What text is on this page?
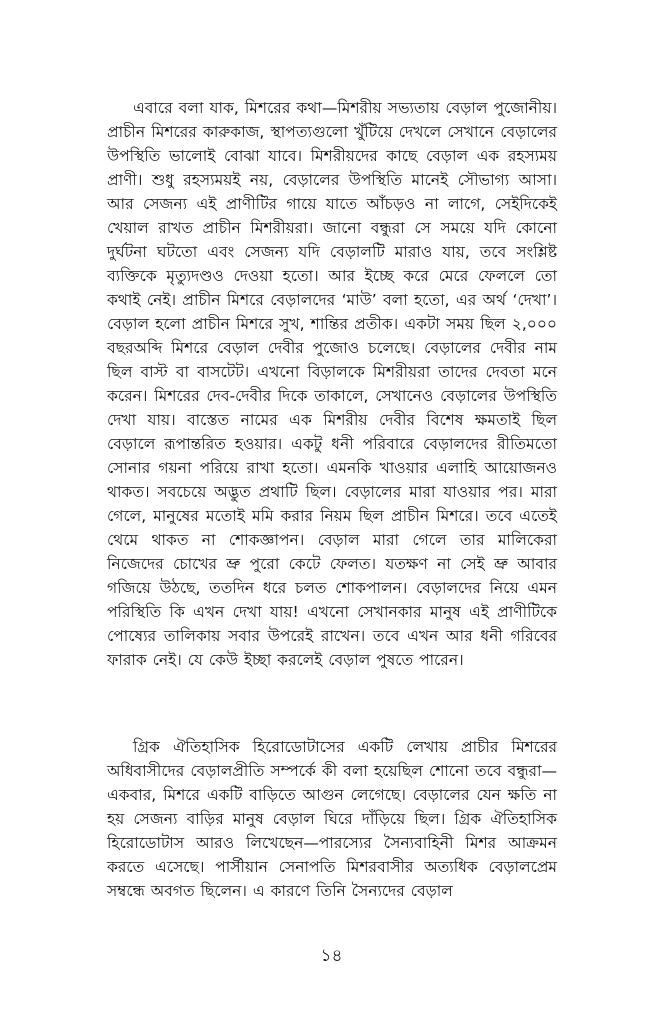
এবারে বলা যাক, মিশরের কথা—মিশরীয় সভ্যতায় বেড়াল পুজোনীয়। প্রাচীন মিশরের কারুকাজ, স্থাপত্যগুলো খুঁটিয়ে দেখলে সেখানে বেড়ালের উপস্থিতি ভালোই বোঝা যাবে। মিশরীয়দের কাছে বেড়াল এক রহস্যময় প্রাণী। শুধু রহস্যময়ই নয়, বেড়ালের উপস্থিতি মানেই সৌভাগ্য আসা। আর সেজন্য এই প্রাণীটির গায়ে যাতে আঁচড়ও না লাগে, সেইদিকেই খেয়াল রাখত প্রাচীন মিশরীয়রা। জানো বন্ধুরা সে সময়ে যদি কোনো দুর্ঘটনা ঘটতো এবং সেজন্য যদি বেড়ালটি মারাও যায়, তবে সংশ্লিষ্ট ব্যক্তিকে মৃত্যুদণ্ডও দেওয়া হতো। আর ইচ্ছে করে মেরে ফেললে তো কথাই নেই। প্রাচীন মিশরে বেড়ালদের ‘মাউ’ বলা হতো, এর অর্থ ‘দেখা’। বেড়াল হলো প্রাচীন মিশরে সুখ, শান্তির প্রতীক। একটা সময় ছিল ২,০০০ বছরঅব্দি মিশরে বেড়াল দেবীর পুজোও চলেছে। বেড়ালের দেবীর নাম ছিল বাস্ট বা বাসটেট। এখনো বিড়ালকে মিশরীয়রা তাদের দেবতা মনে করেন। মিশরের দেব-দেবীর দিকে তাকালে, সেখানেও বেড়ালের উপস্থিতি দেখা যায়। বাস্তেত নামের এক মিশরীয় দেবীর বিশেষ ক্ষমতাই ছিল বেড়ালে রূপান্তরিত হওয়ার। একটু ধনী পরিবারে বেড়ালদের রীতিমতো সোনার গয়না পরিয়ে রাখা হতো। এমনকি খাওয়ার এলাহি আয়োজনও থাকত। সবচেয়ে অদ্ভুত প্রথাটি ছিল। বেড়ালের মারা যাওয়ার পর। মারা গেলে, মানুষের মতোই মমি করার নিয়ম ছিল প্রাচীন মিশরে। তবে এতেই থেমে থাকত না শোকজ্ঞাপন। বেড়াল মারা গেলে তার মালিকেরা নিজেদের চোখের ভ্রু পুরো কেটে ফেলত। যতক্ষণ না সেই ভ্রু আবার গজিয়ে উঠছে, ততদিন ধরে চলত শোকপালন। বেড়ালদের নিয়ে এমন পরিস্থিতি কি এখন দেখা যায়! এখনো সেখানকার মানুষ এই প্রাণীটিকে পোষ্যের তালিকায় সবার উপরেই রাখেন। তবে এখন আর ধনী গরিবের ফারাক নেই। যে কেউ ইচ্ছা করলেই বেড়াল পুষতে পারেন।

গ্রিক ঐতিহাসিক হিরোডোটাসের একটি লেখায় প্রাচীর মিশরের অধিবাসীদের বেড়ালপ্রীতি সম্পর্কে কী বলা হয়েছিল শোনো তবে বন্ধুরা—একবার, মিশরে একটি বাড়িতে আগুন লেগেছে। বেড়ালের যেন ক্ষতি না হয় সেজন্য বাড়ির মানুষ বেড়াল ঘিরে দাঁড়িয়ে ছিল। গ্রিক ঐতিহাসিক হিরোডোটাস আরও লিখেছেন—পারস্যের সৈন্যবাহিনী মিশর আক্রমন করতে এসেছে। পার্সীয়ান সেনাপতি মিশরবাসীর অত্যধিক বেড়ালপ্রেম সম্বন্ধে অবগত ছিলেন। এ কারণে তিনি সৈন্যদের বেড়াল

১৪
